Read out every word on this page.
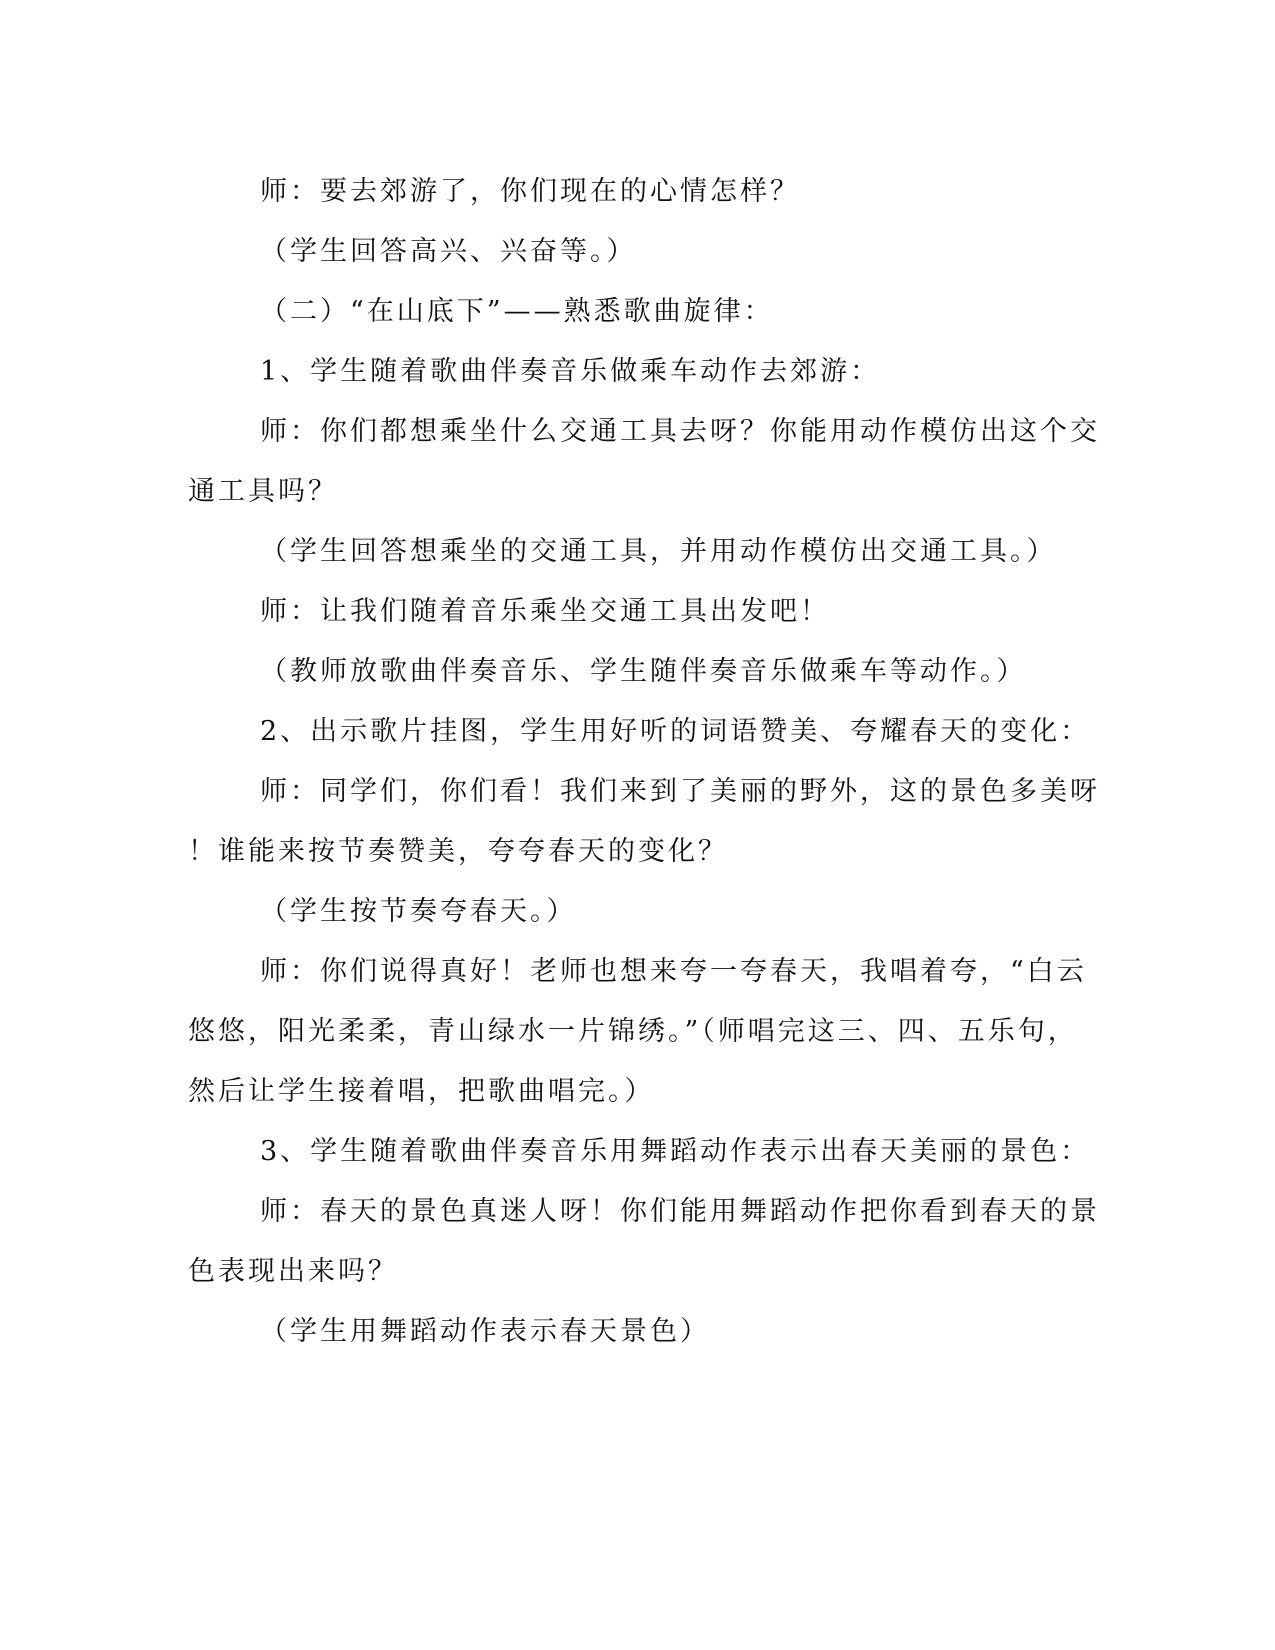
师：要去郊游了，你们现在的心情怎样？

（学生回答高兴、兴奋等。）

（二）“在山底下”——熟悉歌曲旋律：

1、学生随着歌曲伴奏音乐做乘车动作去郊游：

师：你们都想乘坐什么交通工具去呀？你能用动作模仿出这个交

通工具吗？

（学生回答想乘坐的交通工具，并用动作模仿出交通工具。）

师：让我们随着音乐乘坐交通工具出发吧！

（教师放歌曲伴奏音乐、学生随伴奏音乐做乘车等动作。）

2、出示歌片挂图，学生用好听的词语赞美、夸耀春天的变化：

师：同学们，你们看！我们来到了美丽的野外，这的景色多美呀

！谁能来按节奏赞美，夸夸春天的变化？

（学生按节奏夸春天。）

师：你们说得真好！老师也想来夸一夸春天，我唱着夸，“白云

悠悠，阳光柔柔，青山绿水一片锦绣。”（师唱完这三、四、五乐句，

然后让学生接着唱，把歌曲唱完。）

3、学生随着歌曲伴奏音乐用舞蹈动作表示出春天美丽的景色：

师：春天的景色真迷人呀！你们能用舞蹈动作把你看到春天的景

色表现出来吗？

（学生用舞蹈动作表示春天景色）
